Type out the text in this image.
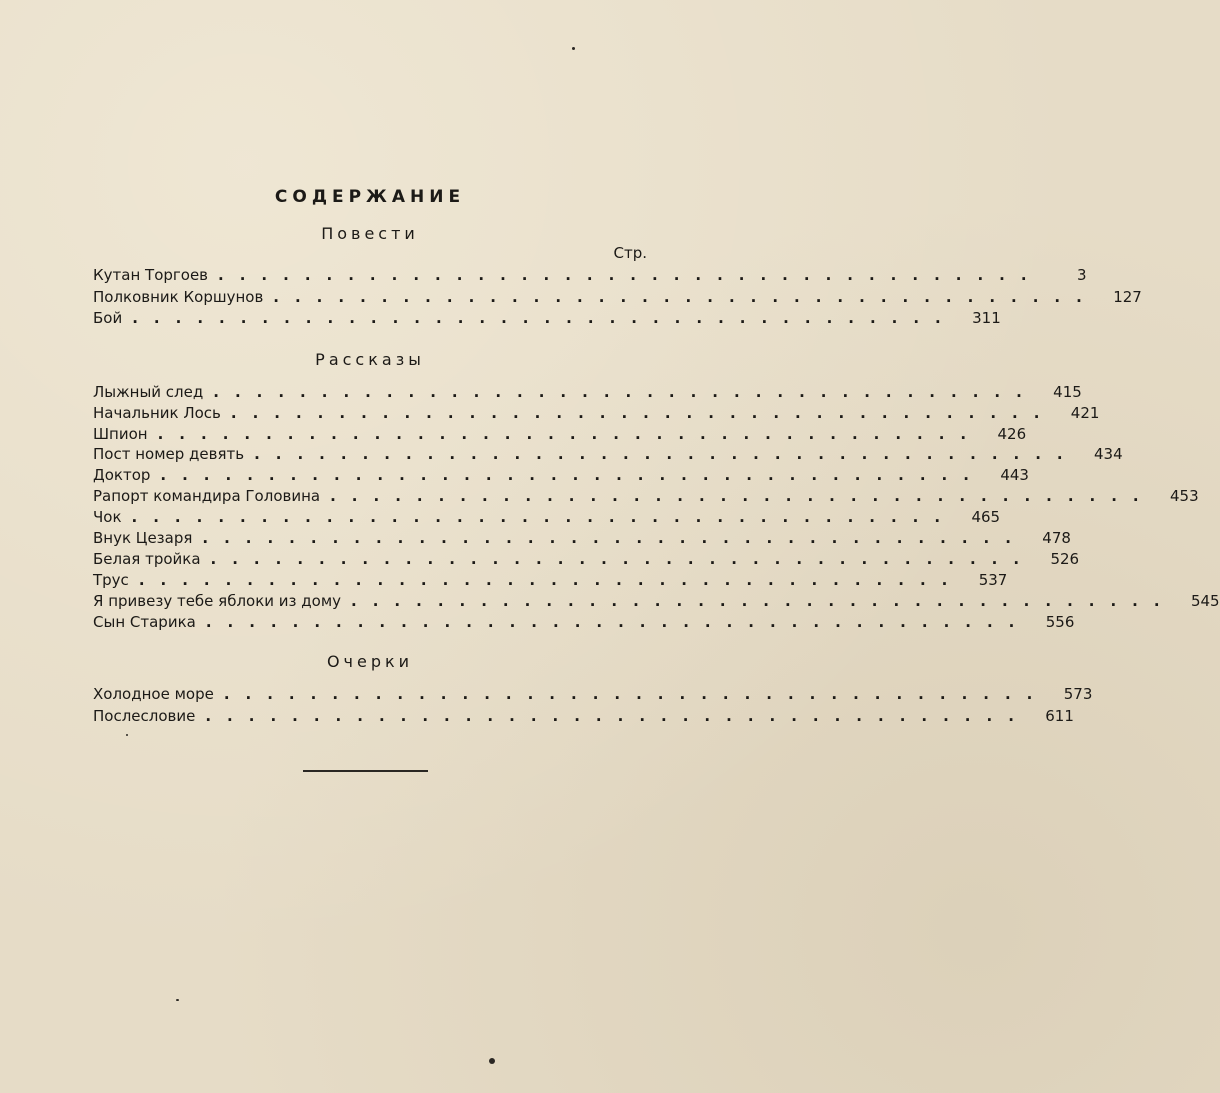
СОДЕРЖАНИЕ
Повести
Стр.
Кутан Торгоев ......................................	3
Полковник Коршунов ......................................	127
Бой ......................................	311
Рассказы
Лыжный след ......................................	415
Начальник Лось ......................................	421
Шпион ......................................	426
Пост номер девять ......................................	434
Доктор ......................................	443
Рапорт командира Головина ......................................	453
Чок ......................................	465
Внук Цезаря ......................................	478
Белая тройка ......................................	526
Трус ......................................	537
Я привезу тебе яблоки из дому ......................................	545
Сын Старика ......................................	556
Очерки
Холодное море ......................................	573
Послесловие ......................................	611
